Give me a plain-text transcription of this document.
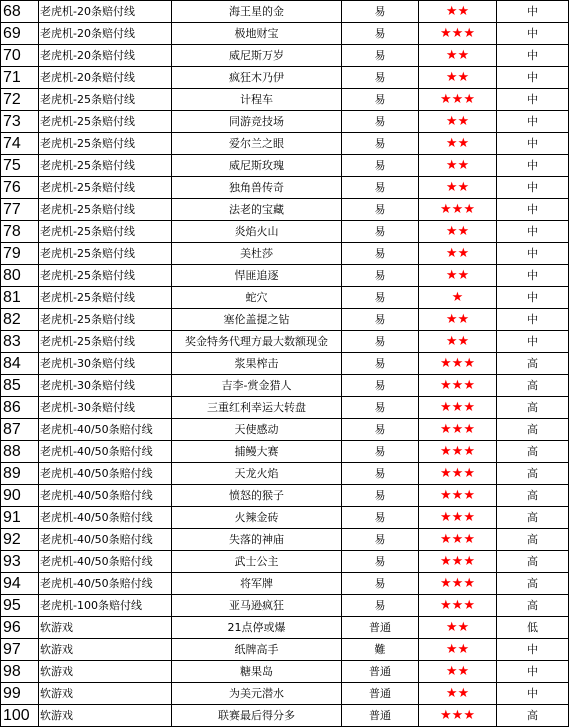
68	老虎机-20条赔付线	海王星的金	易	★★	中
69	老虎机-20条赔付线	极地财宝	易	★★★	中
70	老虎机-20条赔付线	威尼斯万岁	易	★★	中
71	老虎机-20条赔付线	疯狂木乃伊	易	★★	中
72	老虎机-25条赔付线	计程车	易	★★★	中
73	老虎机-25条赔付线	同游竞技场	易	★★	中
74	老虎机-25条赔付线	爱尔兰之眼	易	★★	中
75	老虎机-25条赔付线	威尼斯玫瑰	易	★★	中
76	老虎机-25条赔付线	独角兽传奇	易	★★	中
77	老虎机-25条赔付线	法老的宝藏	易	★★★	中
78	老虎机-25条赔付线	炎焰火山	易	★★	中
79	老虎机-25条赔付线	美杜莎	易	★★	中
80	老虎机-25条赔付线	悍匪追逐	易	★★	中
81	老虎机-25条赔付线	蛇穴	易	★	中
82	老虎机-25条赔付线	塞伦盖提之钻	易	★★	中
83	老虎机-25条赔付线	奖金特务代理方最大数额现金	易	★★	中
84	老虎机-30条赔付线	浆果榨击	易	★★★	高
85	老虎机-30条赔付线	吉李-赏金猎人	易	★★★	高
86	老虎机-30条赔付线	三重红利幸运大转盘	易	★★★	高
87	老虎机-40/50条赔付线	天使感动	易	★★★	高
88	老虎机-40/50条赔付线	捕鳗大赛	易	★★★	高
89	老虎机-40/50条赔付线	天龙火焰	易	★★★	高
90	老虎机-40/50条赔付线	愤怒的猴子	易	★★★	高
91	老虎机-40/50条赔付线	火辣金砖	易	★★★	高
92	老虎机-40/50条赔付线	失落的神庙	易	★★★	高
93	老虎机-40/50条赔付线	武士公主	易	★★★	高
94	老虎机-40/50条赔付线	将军牌	易	★★★	高
95	老虎机-100条赔付线	亚马逊疯狂	易	★★★	高
96	软游戏	21点停或爆	普通	★★	低
97	软游戏	纸牌高手	難	★★	中
98	软游戏	糖果岛	普通	★★	中
99	软游戏	为美元潜水	普通	★★	中
100	软游戏	联赛最后得分多	普通	★★★	高
